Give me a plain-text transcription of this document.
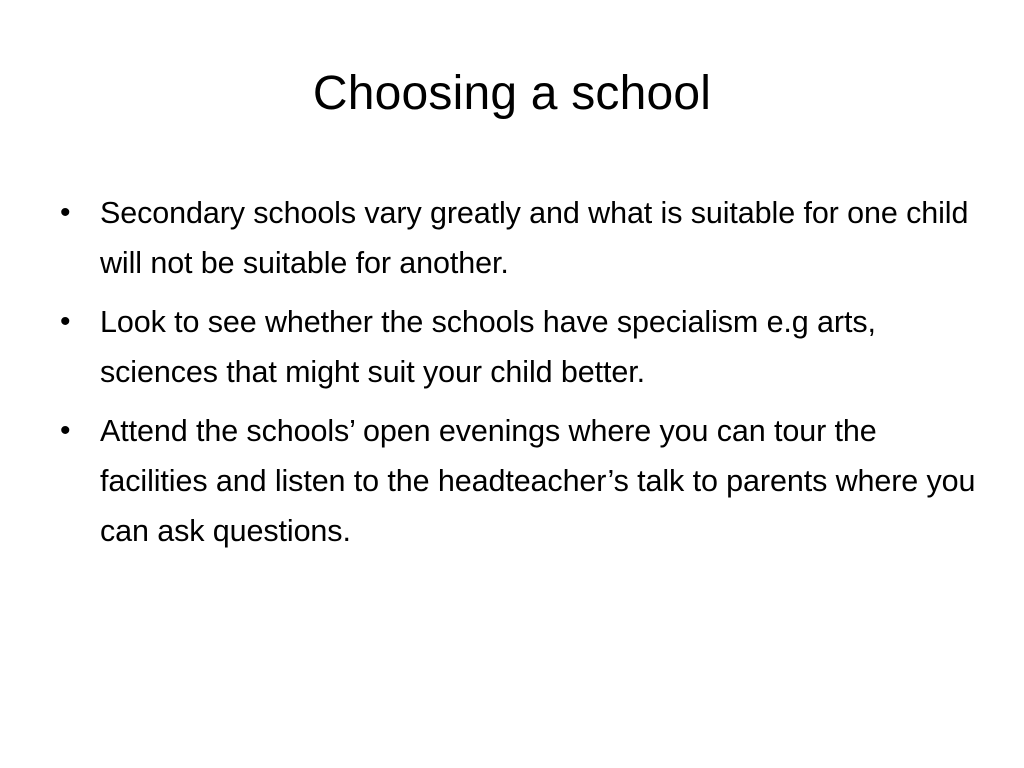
Choosing a school
• Secondary schools vary greatly and what is suitable for one child will not be suitable for another.
• Look to see whether the schools have specialism e.g arts, sciences that might suit your child better.
• Attend the schools’ open evenings where you can tour the facilities and listen to the headteacher’s talk to parents where you can ask questions.
